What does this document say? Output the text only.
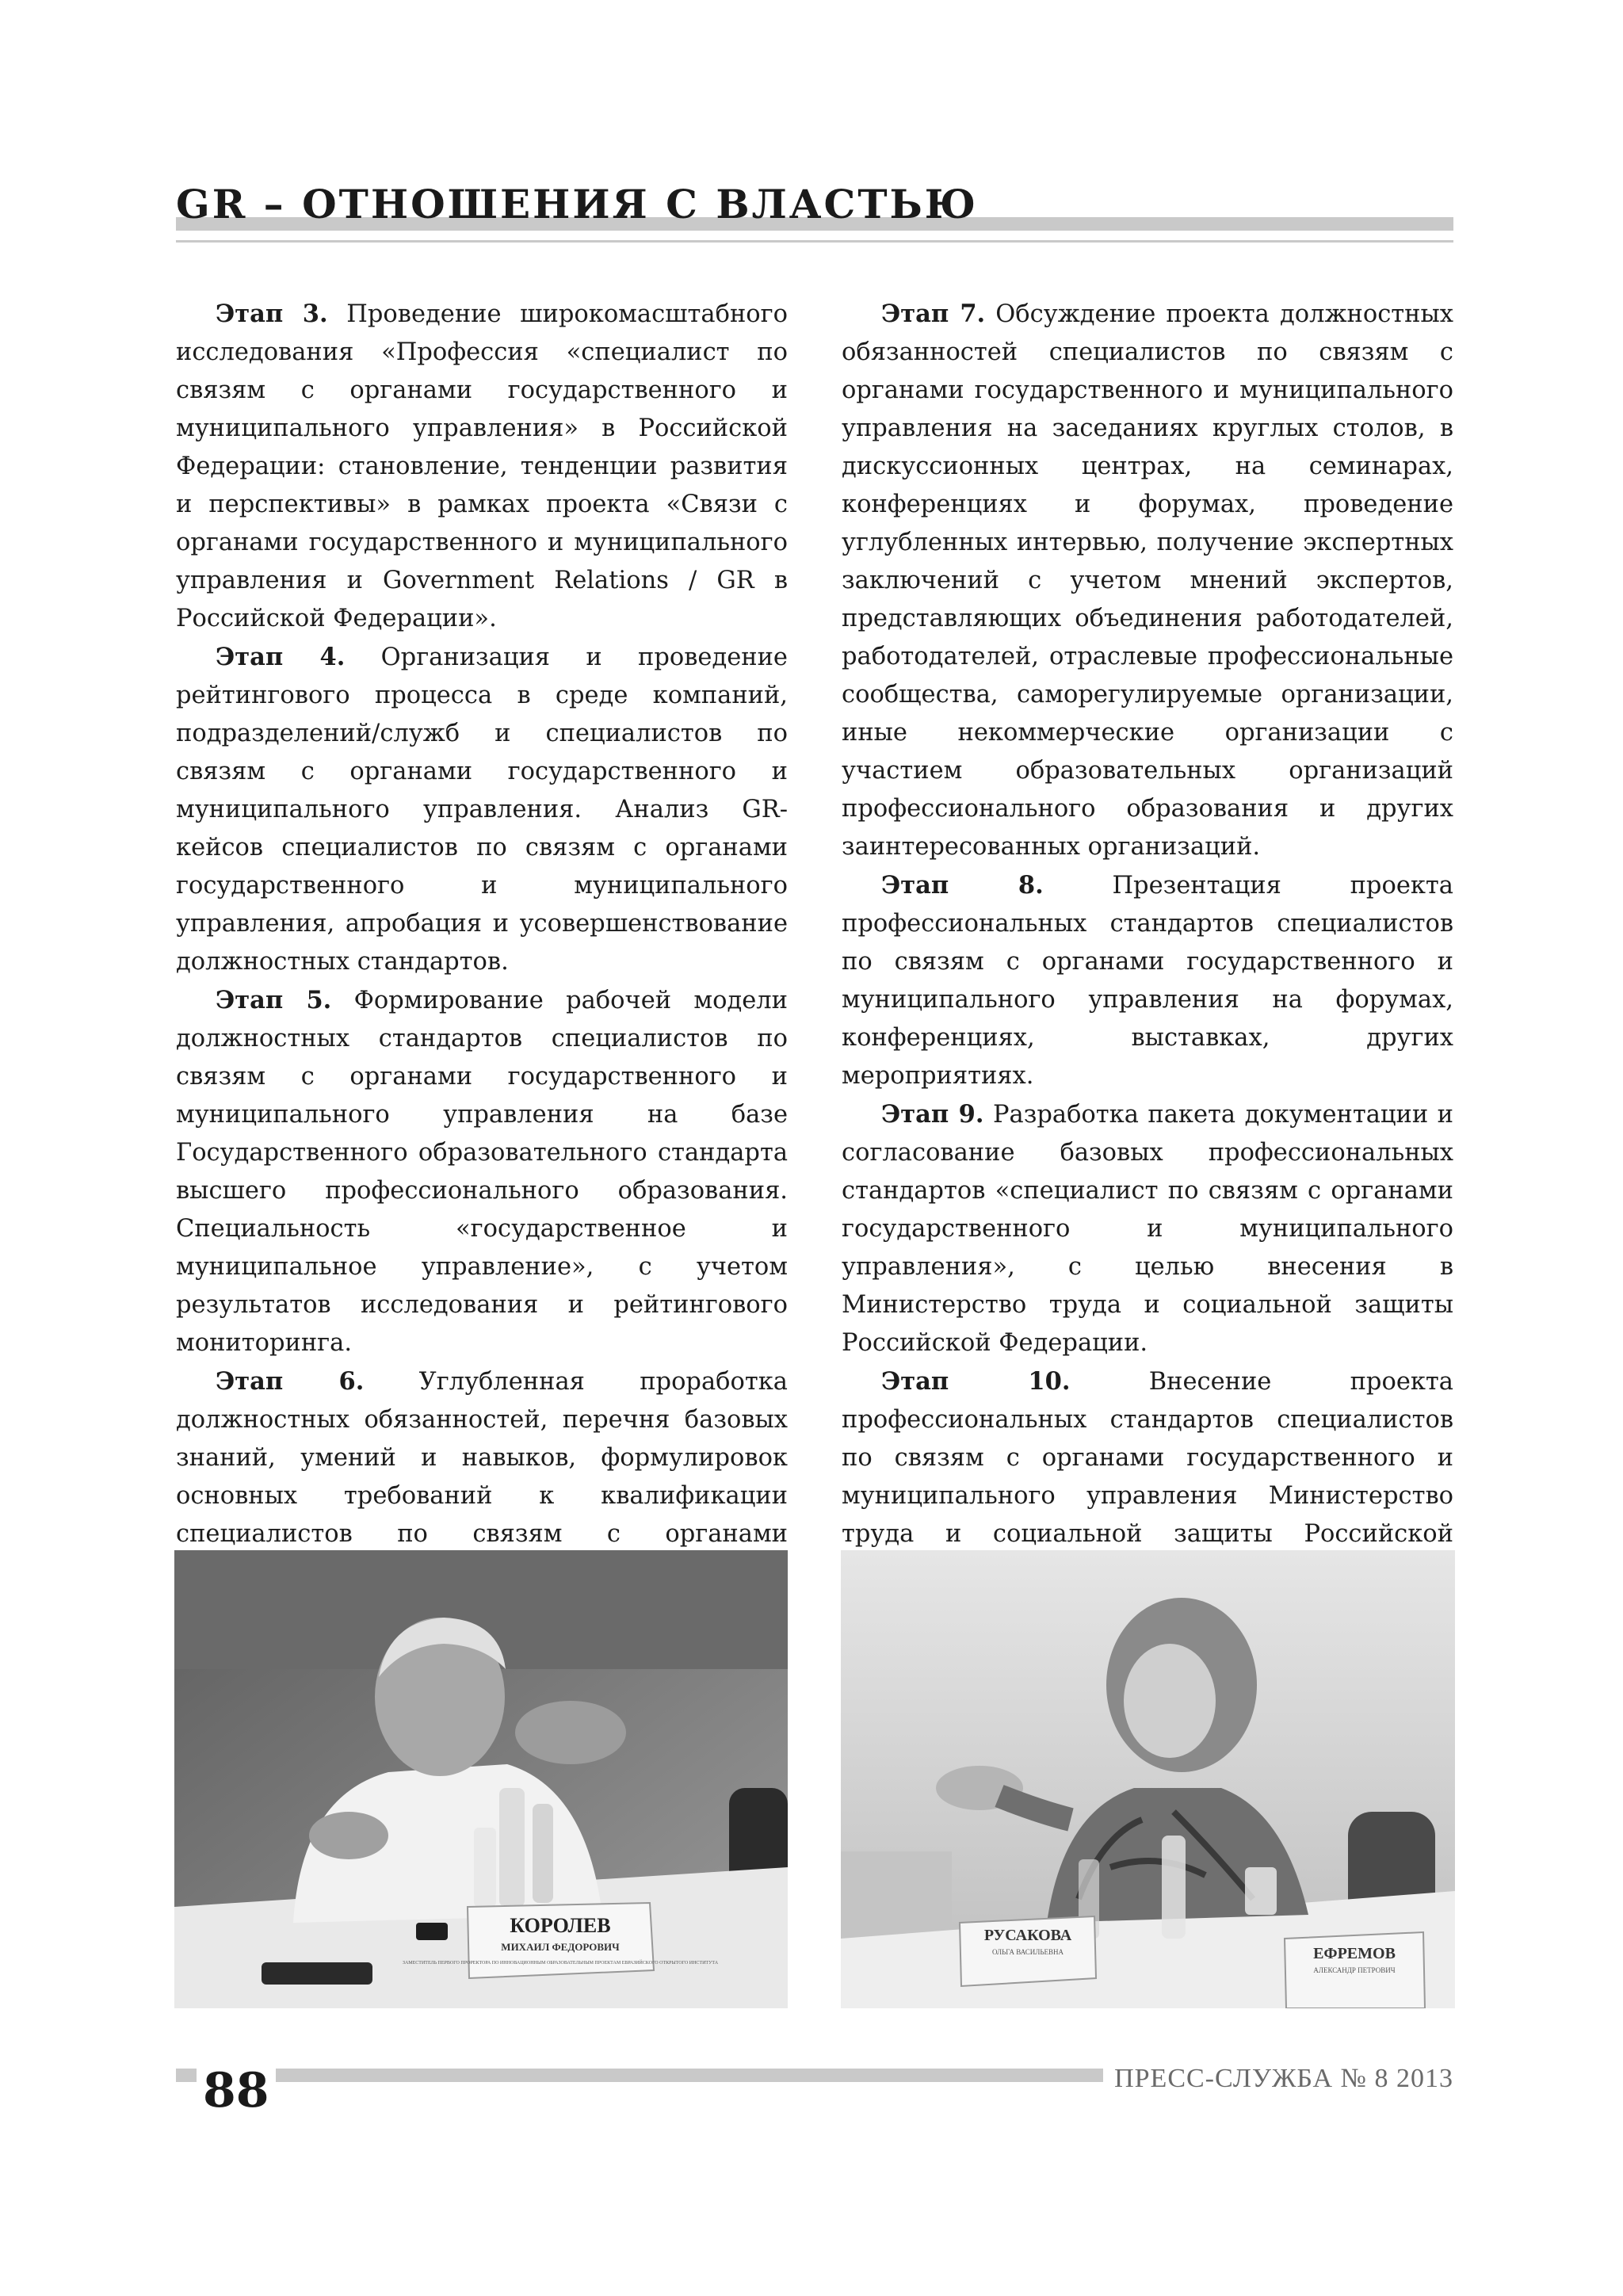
GR – ОТНОШЕНИЯ С ВЛАСТЬЮ

Этап 3. Проведение широкомасштабного исследования «Профессия «специалист по связям с органами государственного и муниципального управления» в Российской Федерации: становление, тенденции развития и перспективы» в рамках проекта «Связи с органами государственного и муниципального управления и Government Relations / GR в Российской Федерации».

Этап 4. Организация и проведение рейтингового процесса в среде компаний, подразделений/служб и специалистов по связям с органами государственного и муниципального управления. Анализ GR-кейсов специалистов по связям с органами государственного и муниципального управления, апробация и усовершенствование должностных стандартов.

Этап 5. Формирование рабочей модели должностных стандартов специалистов по связям с органами государственного и муниципального управления на базе Государственного образовательного стандарта высшего профессионального образования. Специальность «государственное и муниципальное управление», с учетом результатов исследования и рейтингового мониторинга.

Этап 6. Углубленная проработка должностных обязанностей, перечня базовых знаний, умений и навыков, формулировок основных требований к квалификации специалистов по связям с органами

Этап 7. Обсуждение проекта должностных обязанностей специалистов по связям с органами государственного и муниципального управления на заседаниях круглых столов, в дискуссионных центрах, на семинарах, конференциях и форумах, проведение углубленных интервью, получение экспертных заключений с учетом мнений экспертов, представляющих объединения работодателей, работодателей, отраслевые профессиональные сообщества, саморегулируемые организации, иные некоммерческие организации с участием образовательных организаций профессионального образования и других заинтересованных организаций.

Этап 8. Презентация проекта профессиональных стандартов специалистов по связям с органами государственного и муниципального управления на форумах, конференциях, выставках, других мероприятиях.

Этап 9. Разработка пакета документации и согласование базовых профессиональных стандартов «специалист по связям с органами государственного и муниципального управления», с целью внесения в Министерство труда и социальной защиты Российской Федерации.

Этап 10.	Внесение проекта профессиональных стандартов специалистов по связям с органами государственного и муниципального управления Министерство труда и социальной защиты Российской

КОРОЛЕВ
МИХАИЛ ФЕДОРОВИЧ
ЗАМЕСТИТЕЛЬ ПЕРВОГО ПРОРЕКТОРА ПО ИННОВАЦИОННЫМ ОБРАЗОВАТЕЛЬНЫМ ПРОЕКТАМ ЕВРАЗИЙСКОГО ОТКРЫТОГО ИНСТИТУТА
РУСАКОВА
ОЛЬГА ВАСИЛЬЕВНА	ЕФРЕМОВ
АЛЕКСАНДР ПЕТРОВИЧ
88	ПРЕСС-СЛУЖБА № 8 2013
